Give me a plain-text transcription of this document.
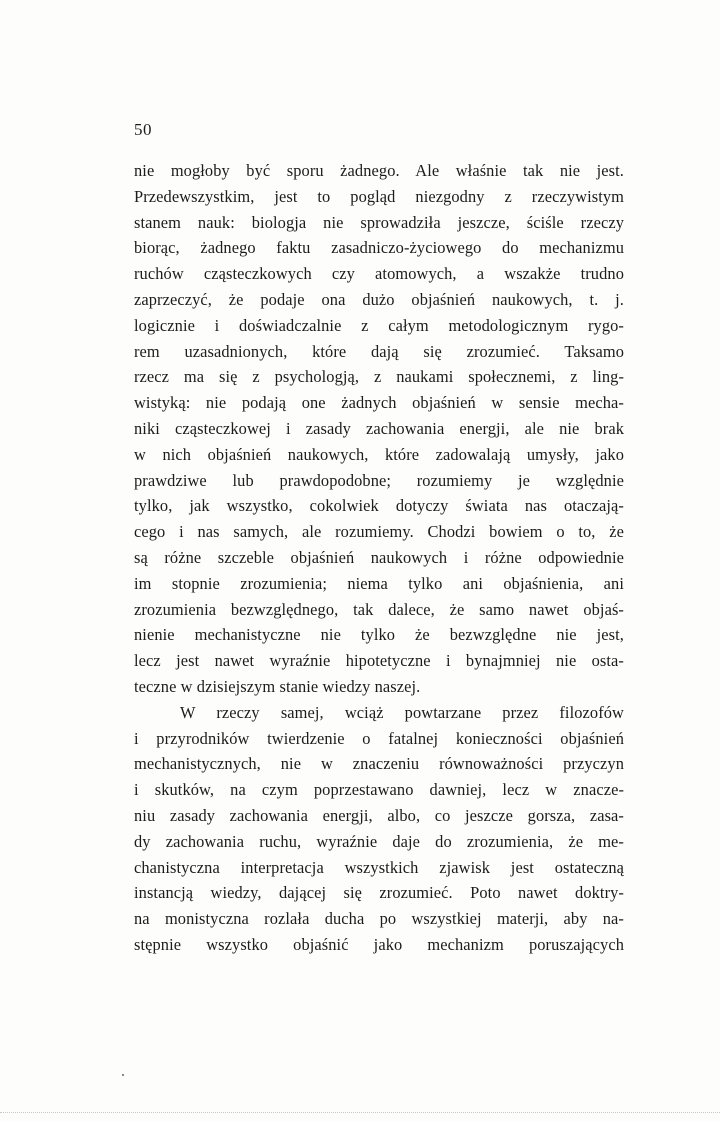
50
nie mogłoby być sporu żadnego. Ale właśnie tak nie jest.
Przedewszystkim, jest to pogląd niezgodny z rzeczywistym
stanem nauk: biologja nie sprowadziła jeszcze, ściśle rzeczy
biorąc, żadnego faktu zasadniczo-życiowego do mechanizmu
ruchów cząsteczkowych czy atomowych, a wszakże trudno
zaprzeczyć, że podaje ona dużo objaśnień naukowych, t. j.
logicznie i doświadczalnie z całym metodologicznym rygo-
rem uzasadnionych, które dają się zrozumieć. Taksamo
rzecz ma się z psychologją, z naukami społecznemi, z ling-
wistyką: nie podają one żadnych objaśnień w sensie mecha-
niki cząsteczkowej i zasady zachowania energji, ale nie brak
w nich objaśnień naukowych, które zadowalają umysły, jako
prawdziwe lub prawdopodobne; rozumiemy je względnie
tylko, jak wszystko, cokolwiek dotyczy świata nas otaczają-
cego i nas samych, ale rozumiemy. Chodzi bowiem o to, że
są różne szczeble objaśnień naukowych i różne odpowiednie
im stopnie zrozumienia; niema tylko ani objaśnienia, ani
zrozumienia bezwzględnego, tak dalece, że samo nawet objaś-
nienie mechanistyczne nie tylko że bezwzględne nie jest,
lecz jest nawet wyraźnie hipotetyczne i bynajmniej nie osta-
teczne w dzisiejszym stanie wiedzy naszej.
W rzeczy samej, wciąż powtarzane przez filozofów
i przyrodników twierdzenie o fatalnej konieczności objaśnień
mechanistycznych, nie w znaczeniu równoważności przyczyn
i skutków, na czym poprzestawano dawniej, lecz w znacze-
niu zasady zachowania energji, albo, co jeszcze gorsza, zasa-
dy zachowania ruchu, wyraźnie daje do zrozumienia, że me-
chanistyczna interpretacja wszystkich zjawisk jest ostateczną
instancją wiedzy, dającej się zrozumieć. Poto nawet doktry-
na monistyczna rozlała ducha po wszystkiej materji, aby na-
stępnie wszystko objaśnić jako mechanizm poruszających
